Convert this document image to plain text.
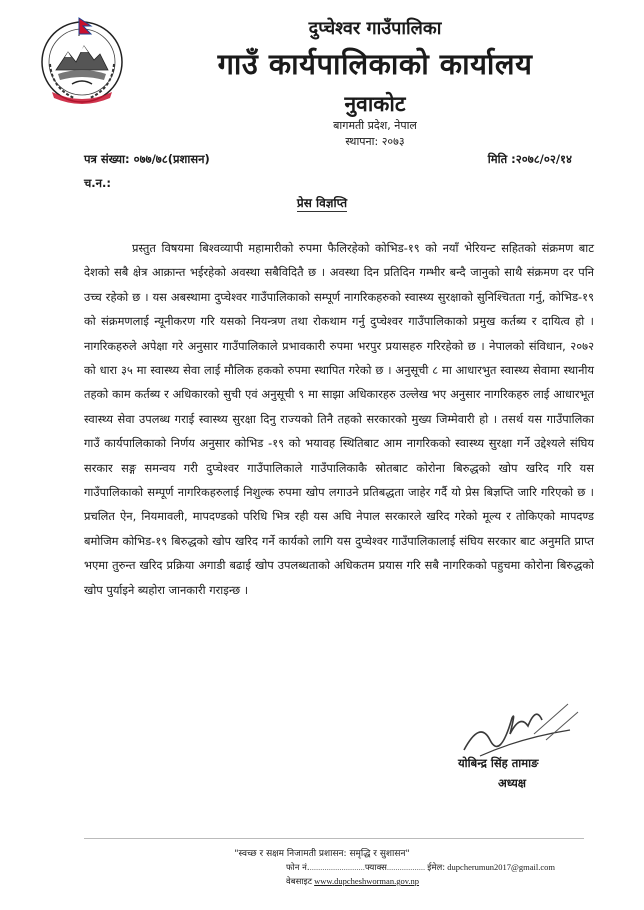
दुप्चेश्वर गाउँपालिका
गाउँ कार्यपालिकाको कार्यालय
नुवाकोट
बागमती प्रदेश, नेपाल
स्थापना: २०७३
पत्र संख्या: ०७७/७८(प्रशासन)	मिति :२०७८/०२/१४
च.न.:
प्रेस विज्ञप्ति
प्रस्तुत विषयमा बिश्वव्यापी महामारीको रुपमा फैलिरहेको कोभिड-१९ को नयाँ भेरियन्ट सहितको संक्रमण बाट देशको सबै क्षेत्र आक्रान्त भईरहेको अवस्था सबैविदितै छ । अवस्था दिन प्रतिदिन गम्भीर बन्दै जानुको साथै संक्रमण दर पनि उच्च रहेको छ । यस अबस्थामा दुप्चेश्वर गाउँपालिकाको सम्पूर्ण नागरिकहरुको स्वास्थ्य सुरक्षाको सुनिश्चितता गर्नु, कोभिड-१९ को संक्रमणलाई न्यूनीकरण गरि यसको नियन्त्रण तथा रोकथाम गर्नु दुप्चेश्वर गाउँपालिकाको प्रमुख कर्तब्य र दायित्व हो । नागरिकहरुले अपेक्षा गरे अनुसार गाउँपालिकाले प्रभावकारी रुपमा भरपुर प्रयासहरु गरिरहेको छ । नेपालको संविधान, २०७२ को धारा ३५ मा स्वास्थ्य सेवा लाई मौलिक हकको रुपमा स्थापित गरेको छ । अनुसूची ८ मा आधारभुत स्वास्थ्य सेवामा स्थानीय तहको काम कर्तब्य र अधिकारको सुची एवं अनुसूची ९ मा साझा अधिकारहरु उल्लेख भए अनुसार नागरिकहरु लाई आधारभूत स्वास्थ्य सेवा उपलब्ध गराई स्वास्थ्य सुरक्षा दिनु राज्यको तिनै तहको सरकारको मुख्य जिम्मेवारी हो । तसर्थ यस गाउँपालिका गाउँ कार्यपालिकाको निर्णय अनुसार कोभिड -१९ को भयावह स्थितिबाट आम नागरिकको स्वास्थ्य सुरक्षा गर्ने उद्देश्यले संघिय सरकार सङ्ग समन्वय गरी दुप्चेश्वर गाउँपालिकाले गाउँपालिकाकै स्रोतबाट कोरोना बिरुद्धको खोप खरिद गरि यस गाउँपालिकाको सम्पूर्ण नागरिकहरुलाई निशुल्क रुपमा खोप लगाउने प्रतिबद्धता जाहेर गर्दै यो प्रेस बिज्ञप्ति जारि गरिएको छ । प्रचलित ऐन, नियमावली, मापदण्डको परिधि भित्र रही यस अघि नेपाल सरकारले खरिद गरेको मूल्य र तोकिएको मापदण्ड बमोजिम कोभिड-१९ बिरुद्धको खोप खरिद गर्ने कार्यको लागि यस दुप्चेश्वर गाउँपालिकालाई संघिय सरकार बाट अनुमति प्राप्त भएमा तुरुन्त खरिद प्रक्रिया अगाडी बढाई खोप उपलब्धताको अधिकतम प्रयास गरि सबै नागरिकको पहुचमा कोरोना बिरुद्धको खोप पुर्याइने ब्यहोरा जानकारी गराइन्छ ।
योबिन्द्र सिंह तामाङ
अध्यक्ष
"स्वच्छ र सक्षम निजामती प्रशासन: समृद्धि र सुशासन"
फोन नं...........................फ्याक्स.................. ईमेल: dupcherumun2017@gmail.com
वेबसाइट www.dupcheshworman.gov.np
